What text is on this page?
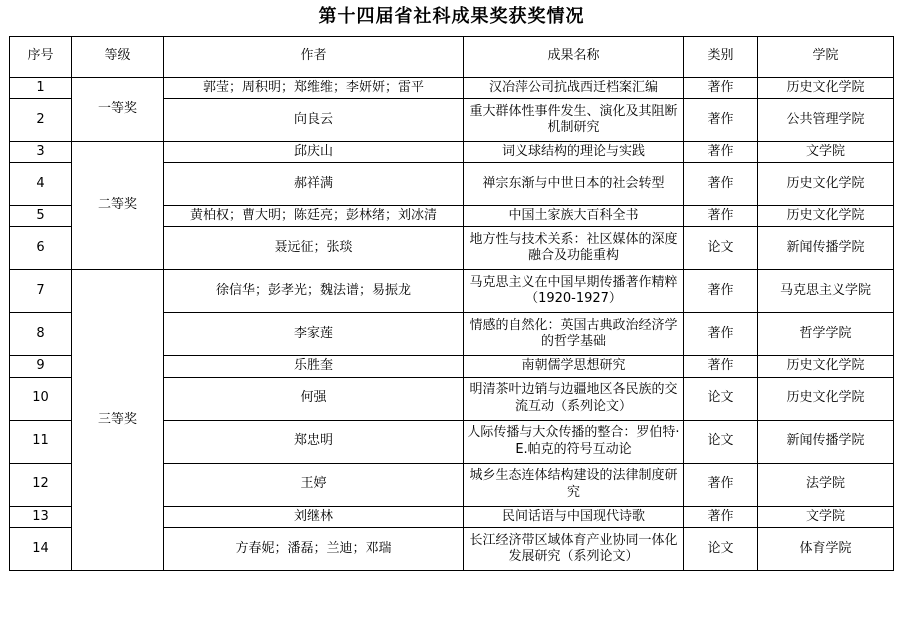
第十四届省社科成果奖获奖情况
序号	等级	作者	成果名称	类别	学院
1	一等奖	郭莹；周积明；郑维维；李妍妍；雷平	汉冶萍公司抗战西迁档案汇编	著作	历史文化学院
2		向良云	重大群体性事件发生、演化及其阻断机制研究	著作	公共管理学院
3	二等奖	邱庆山	词义球结构的理论与实践	著作	文学院
4		郝祥满	禅宗东渐与中世日本的社会转型	著作	历史文化学院
5		黄柏权；曹大明；陈廷亮；彭林绪；刘冰清	中国土家族大百科全书	著作	历史文化学院
6		聂远征；张琰	地方性与技术关系：社区媒体的深度融合及功能重构	论文	新闻传播学院
7	三等奖	徐信华；彭孝光；魏法谱；易振龙	马克思主义在中国早期传播著作精粹（1920-1927）	著作	马克思主义学院
8		李家莲	情感的自然化：英国古典政治经济学的哲学基础	著作	哲学学院
9		乐胜奎	南朝儒学思想研究	著作	历史文化学院
10		何强	明清茶叶边销与边疆地区各民族的交流互动（系列论文）	论文	历史文化学院
11		郑忠明	人际传播与大众传播的整合：罗伯特·E.帕克的符号互动论	论文	新闻传播学院
12		王婷	城乡生态连体结构建设的法律制度研究	著作	法学院
13		刘继林	民间话语与中国现代诗歌	著作	文学院
14		方春妮；潘磊；兰迪；邓瑞	长江经济带区域体育产业协同一体化发展研究（系列论文）	论文	体育学院
